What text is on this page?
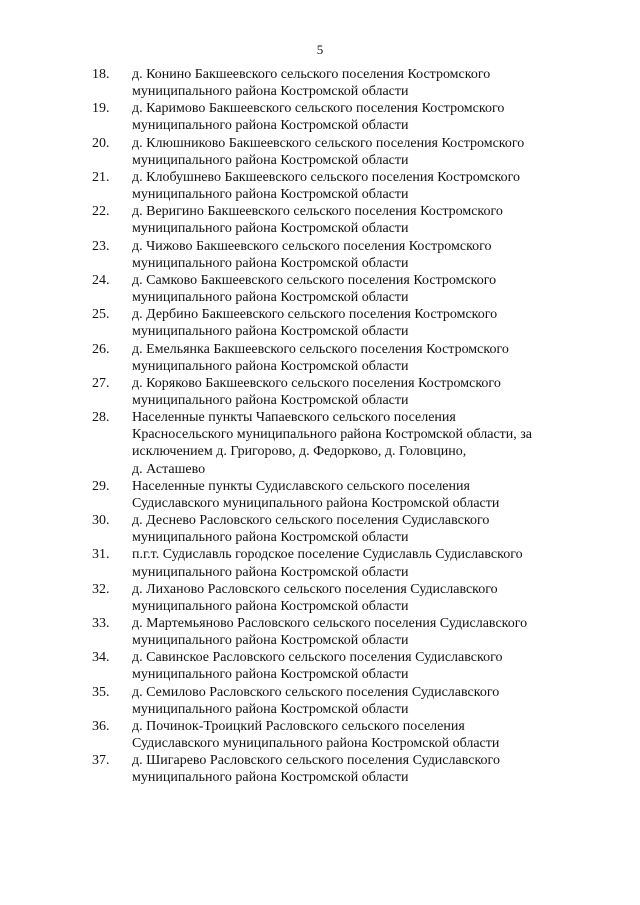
5
18.	д. Конино Бакшеевского сельского поселения Костромского
муниципального района Костромской области
19.	д. Каримово Бакшеевского сельского поселения Костромского
муниципального района Костромской области
20.	д. Клюшниково Бакшеевского сельского поселения Костромского
муниципального района Костромской области
21.	д. Клобушнево Бакшеевского сельского поселения Костромского
муниципального района Костромской области
22.	д. Веригино Бакшеевского сельского поселения Костромского
муниципального района Костромской области
23.	д. Чижово Бакшеевского сельского поселения Костромского
муниципального района Костромской области
24.	д. Самково Бакшеевского сельского поселения Костромского
муниципального района Костромской области
25.	д. Дербино Бакшеевского сельского поселения Костромского
муниципального района Костромской области
26.	д. Емельянка Бакшеевского сельского поселения Костромского
муниципального района Костромской области
27.	д. Коряково Бакшеевского сельского поселения Костромского
муниципального района Костромской области
28.	Населенные пункты Чапаевского сельского поселения
Красносельского муниципального района Костромской области, за
исключением д. Григорово, д. Федорково, д. Головцино,
д. Асташево
29.	Населенные пункты Судиславского сельского поселения
Судиславского муниципального района Костромской области
30.	д. Деснево Расловского сельского поселения Судиславского
муниципального района Костромской области
31.	п.г.т. Судиславль городское поселение Судиславль Судиславского
муниципального района Костромской области
32.	д. Лиханово Расловского сельского поселения Судиславского
муниципального района Костромской области
33.	д. Мартемьяново Расловского сельского поселения Судиславского
муниципального района Костромской области
34.	д. Савинское Расловского сельского поселения Судиславского
муниципального района Костромской области
35.	д. Семилово Расловского сельского поселения Судиславского
муниципального района Костромской области
36.	д. Починок-Троицкий Расловского сельского поселения
Судиславского муниципального района Костромской области
37.	д. Шигарево Расловского сельского поселения Судиславского
муниципального района Костромской области
